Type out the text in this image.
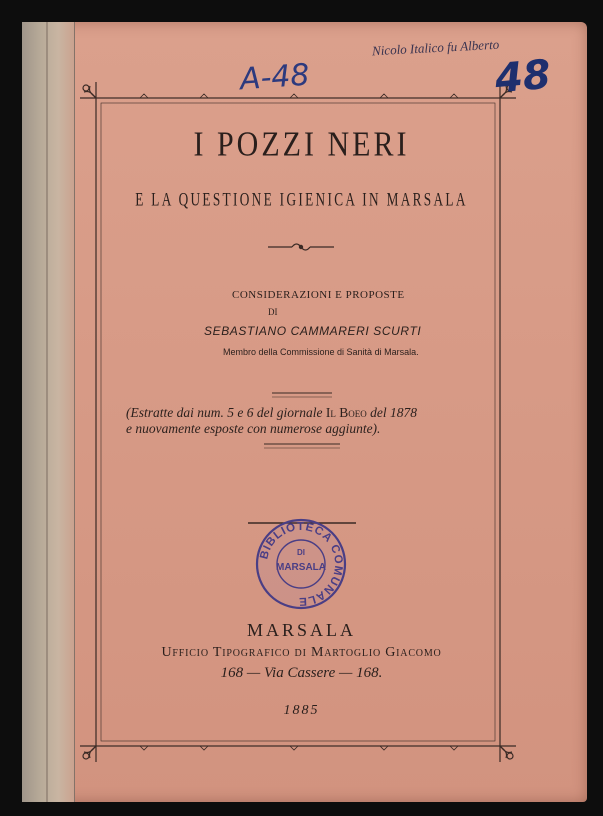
Nicolo Italico fu Alberto
A-48	48
I POZZI NERI
E LA QUESTIONE IGIENICA IN MARSALA
CONSIDERAZIONI E PROPOSTE
DI
SEBASTIANO CAMMARERI SCURTI
Membro della Commissione di Sanità di Marsala.
(Estratte dai num. 5 e 6 del giornale Il Boeo del 1878
e nuovamente esposte con numerose aggiunte).
BIBLIOTECA COMUNALE
DI
MARSALA
MARSALA
Ufficio Tipografico di Martoglio Giacomo
168 — Via Cassere — 168.
1885
